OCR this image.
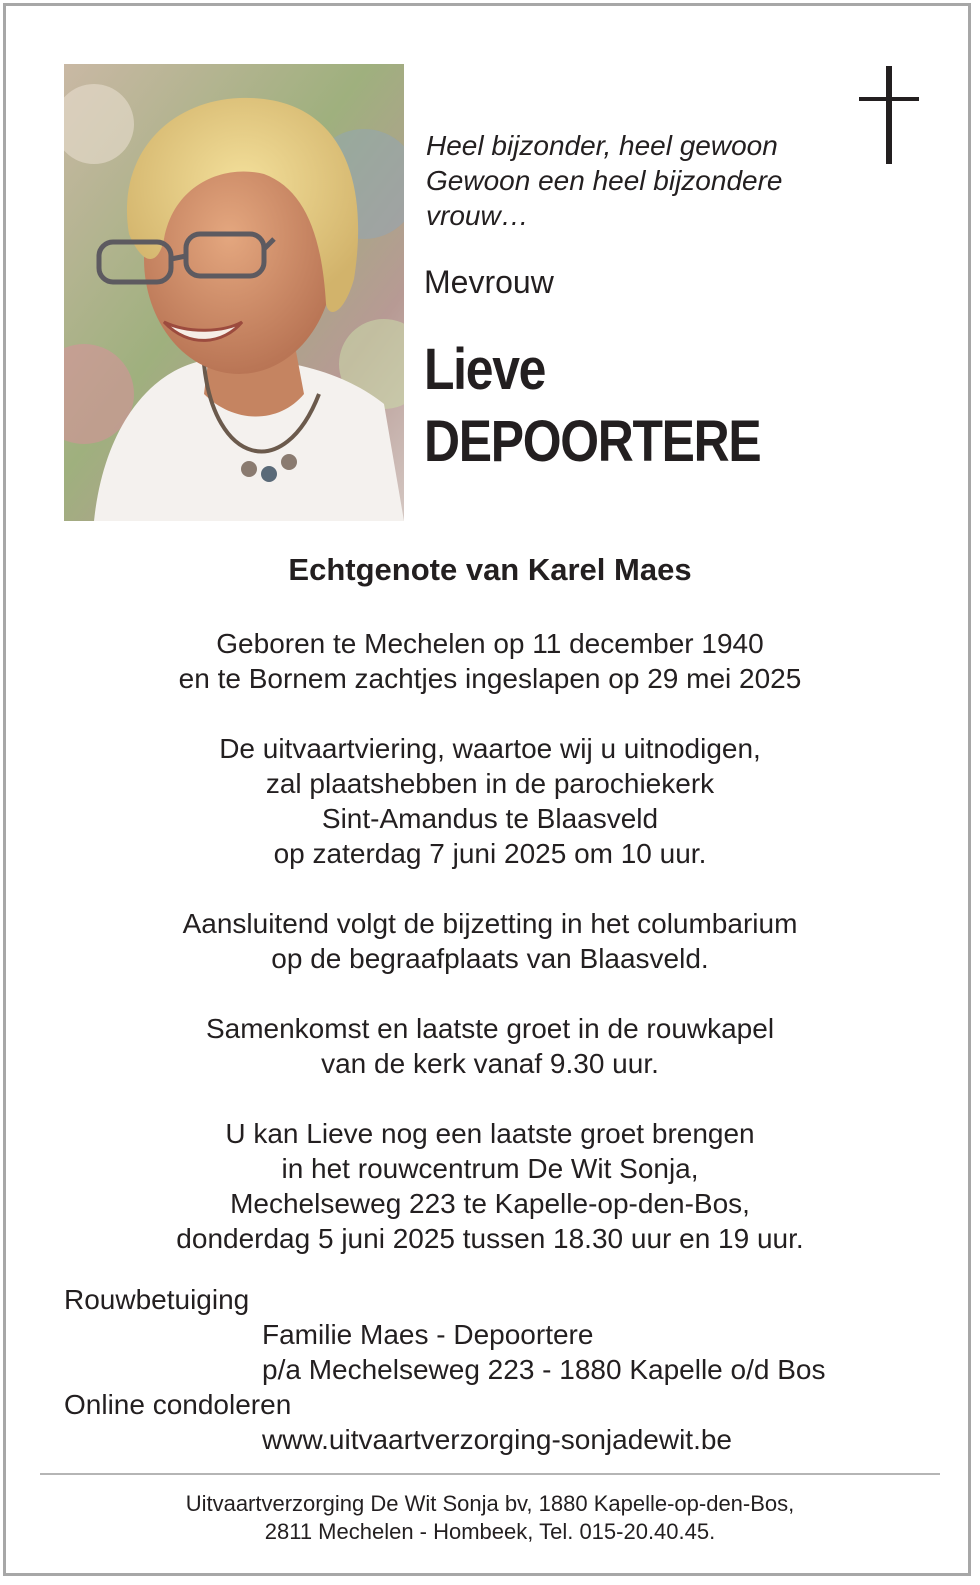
Heel bijzonder, heel gewoon
Gewoon een heel bijzondere
vrouw…
Mevrouw
Lieve
DEPOORTERE
Echtgenote van Karel Maes
Geboren te Mechelen op 11 december 1940
en te Bornem zachtjes ingeslapen op 29 mei 2025
De uitvaartviering, waartoe wij u uitnodigen,
zal plaatshebben in de parochiekerk
Sint-Amandus te Blaasveld
op zaterdag 7 juni 2025 om 10 uur.
Aansluitend volgt de bijzetting in het columbarium
op de begraafplaats van Blaasveld.
Samenkomst en laatste groet in de rouwkapel
van de kerk vanaf 9.30 uur.
U kan Lieve nog een laatste groet brengen
in het rouwcentrum De Wit Sonja,
Mechelseweg 223 te Kapelle-op-den-Bos,
donderdag 5 juni 2025 tussen 18.30 uur en 19 uur.
Rouwbetuiging
Familie Maes - Depoortere
p/a Mechelseweg 223 - 1880 Kapelle o/d Bos
Online condoleren
www.uitvaartverzorging-sonjadewit.be
Uitvaartverzorging De Wit Sonja bv, 1880 Kapelle-op-den-Bos,
2811 Mechelen - Hombeek, Tel. 015-20.40.45.
